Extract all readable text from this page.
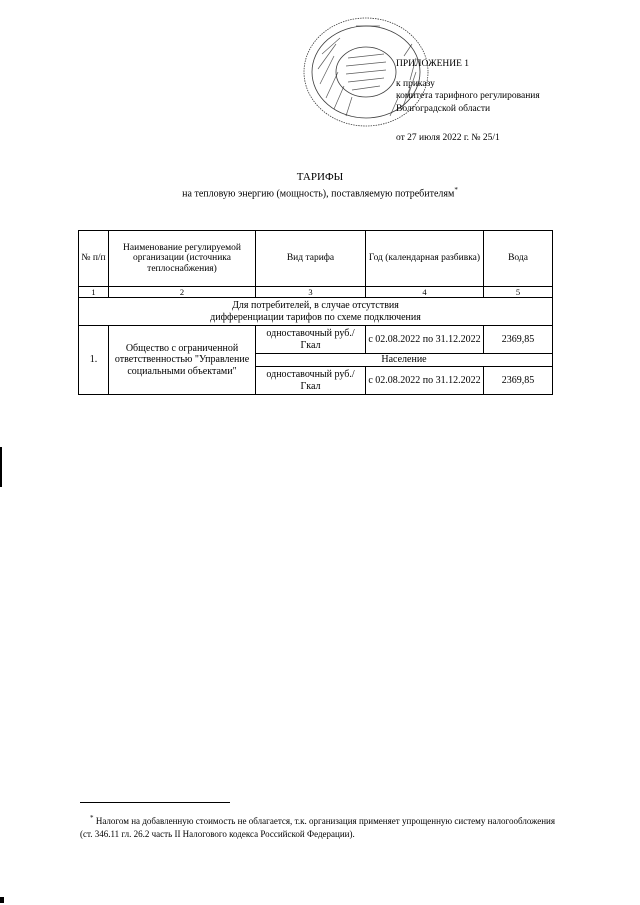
ПРИЛОЖЕНИЕ 1
к приказу
комитета тарифного регулирования
Волгоградской области
от 27 июля 2022 г. № 25/1
ТАРИФЫ
на тепловую энергию (мощность), поставляемую потребителям*
№ п/п	Наименование регулируемой организации (источника теплоснабжения)	Вид тарифа	Год (календарная разбивка)	Вода
1	2	3	4	5

Для потребителей, в случае отсутствия
дифференциации тарифов по схеме подключения				

1.	Общество с ограниченной ответственностью "Управление социальными объектами"	одноставочный руб./Гкал	с 02.08.2022 по 31.12.2022	2369,85
		Население		
		одноставочный руб./Гкал	с 02.08.2022 по 31.12.2022	2369,85
* Налогом на добавленную стоимость не облагается, т.к. организация применяет упрощенную систему налогообложения (ст. 346.11 гл. 26.2 часть II Налогового кодекса Российской Федерации).
